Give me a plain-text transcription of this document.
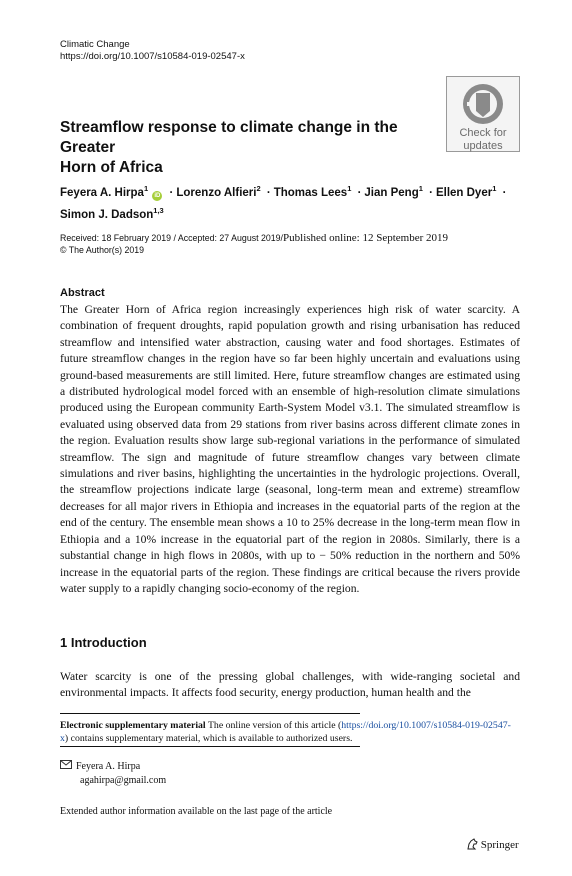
Climatic Change
https://doi.org/10.1007/s10584-019-02547-x
Check for
updates
Streamflow response to climate change in the Greater
Horn of Africa
Feyera A. Hirpa$^1$ iD · Lorenzo Alfieri$^2$ · Thomas Lees$^1$ · Jian Peng$^1$ · Ellen Dyer$^1$ ·
Simon J. Dadson$^{1,3}$
Received: 18 February 2019 / Accepted: 27 August 2019/Published online: 12 September 2019
© The Author(s) 2019
Abstract
The Greater Horn of Africa region increasingly experiences high risk of water scarcity. A combination of frequent droughts, rapid population growth and rising urbanisation has reduced streamflow and intensified water abstraction, causing water and food shortages. Estimates of future streamflow changes in the region have so far been highly uncertain and evaluations using ground-based measurements are still limited. Here, future streamflow changes are estimated using a distributed hydrological model forced with an ensemble of high-resolution climate simulations produced using the European community Earth-System Model v3.1. The simulated streamflow is evaluated using observed data from 29 stations from river basins across different climate zones in the region. Evaluation results show large sub-regional variations in the performance of simulated streamflow. The sign and magnitude of future streamflow changes vary between climate simulations and river basins, highlighting the uncertainties in the hydrologic projections. Overall, the streamflow projections indicate large (seasonal, long-term mean and extreme) streamflow decreases for all major rivers in Ethiopia and increases in the equatorial parts of the region at the end of the century. The ensemble mean shows a 10 to 25% decrease in the long-term mean flow in Ethiopia and a 10% increase in the equatorial part of the region in 2080s. Similarly, there is a substantial change in high flows in 2080s, with up to − 50% reduction in the northern and 50% increase in the equatorial parts of the region. These findings are critical because the rivers provide water supply to a rapidly changing socio-economy of the region.
1 Introduction
Water scarcity is one of the pressing global challenges, with wide-ranging societal and environmental impacts. It affects food security, energy production, human health and the
Electronic supplementary material The online version of this article (https://doi.org/10.1007/s10584-019-02547-x) contains supplementary material, which is available to authorized users.
Feyera A. Hirpa
agahirpa@gmail.com
Extended author information available on the last page of the article
Springer
